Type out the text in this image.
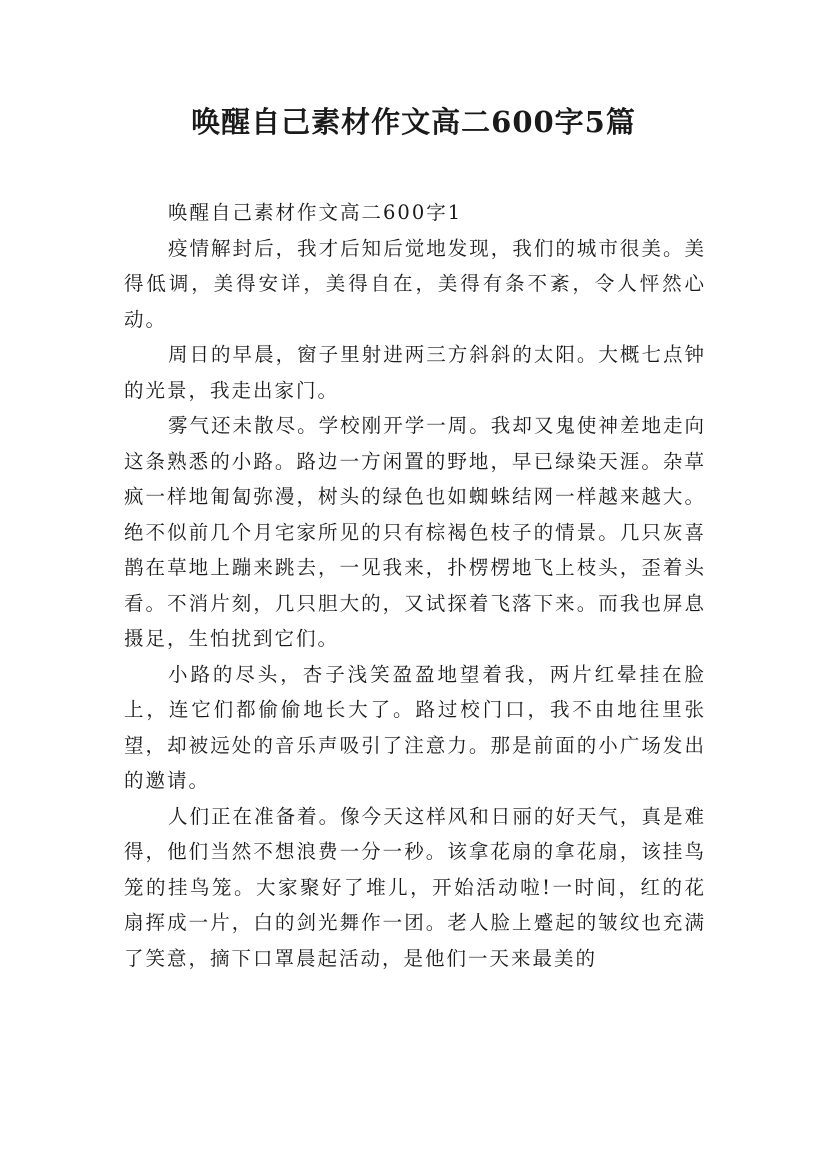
唤醒自己素材作文高二600字5篇
唤醒自己素材作文高二600字1

疫情解封后，我才后知后觉地发现，我们的城市很美。美得低调，美得安详，美得自在，美得有条不紊，令人怦然心动。

周日的早晨，窗子里射进两三方斜斜的太阳。大概七点钟的光景，我走出家门。

雾气还未散尽。学校刚开学一周。我却又鬼使神差地走向这条熟悉的小路。路边一方闲置的野地，早已绿染天涯。杂草疯一样地匍匐弥漫，树头的绿色也如蜘蛛结网一样越来越大。绝不似前几个月宅家所见的只有棕褐色枝子的情景。几只灰喜鹊在草地上蹦来跳去，一见我来，扑楞楞地飞上枝头，歪着头看。不消片刻，几只胆大的，又试探着飞落下来。而我也屏息摄足，生怕扰到它们。

小路的尽头，杏子浅笑盈盈地望着我，两片红晕挂在脸上，连它们都偷偷地长大了。路过校门口，我不由地往里张望，却被远处的音乐声吸引了注意力。那是前面的小广场发出的邀请。

人们正在准备着。像今天这样风和日丽的好天气，真是难得，他们当然不想浪费一分一秒。该拿花扇的拿花扇，该挂鸟笼的挂鸟笼。大家聚好了堆儿，开始活动啦!一时间，红的花扇挥成一片，白的剑光舞作一团。老人脸上蹙起的皱纹也充满了笑意，摘下口罩晨起活动，是他们一天来最美的
